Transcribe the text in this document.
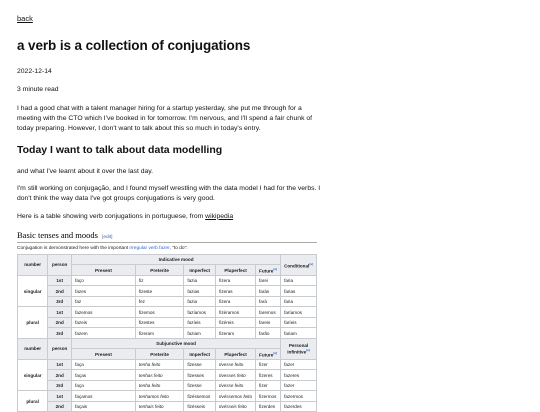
back
a verb is a collection of conjugations
2022-12-14
3 minute read

I had a good chat with a talent manager hiring for a startup yesterday, she put me through for a meeting with the CTO which I've booked in for tomorrow. I'm nervous, and I'll spend a fair chunk of today preparing. However, I don't want to talk about this so much in today's entry.

Today I want to talk about data modelling

and what I've learnt about it over the last day.

I'm still working on conjugação, and I found myself wrestling with the data model I had for the verbs. I don't think the way data I've got groups conjugations is very good.

Here is a table showing verb conjugations in portuguese, from wikipedia

Basic tenses and moods [edit]
Conjugation is demonstrated here with the important irregular verb fazer, "to do":
number	person	Indicative mood					Conditional[a]
		Present	Preterite	Imperfect	Pluperfect	Future[a]
singular	1st	faço	fiz	fazia	fizera	farei	faria
	2nd	fazes	fizeste	fazias	fizeras	farás	farias
	3rd	faz	fez	fazia	fizera	fará	faria
plural	1st	fazemos	fizemos	fazíamos	fizéramos	faremos	faríamos
	2nd	fazeis	fizestes	fazíeis	fizéreis	fareis	faríeis
	3rd	fazem	fizeram	faziam	fizeram	farão	fariam
number	person	Subjunctive mood					Personal
infinitive[a]
		Present	Preterite	Imperfect	Pluperfect	Future[a]
singular	1st	faça	tenha feito	fizesse	tivesse feito	fizer	fazer
	2nd	faças	tenhas feito	fizesses	tivesses feito	fizeres	fazeres
	3rd	faça	tenha feito	fizesse	tivesse feito	fizer	fazer
plural	1st	façamos	tenhamos feito	fizéssemos	tivéssemos feito	fizermos	fazermos
	2nd	façais	tenhais feito	fizésseis	tivésseis feito	fizerdes	fazerdes
